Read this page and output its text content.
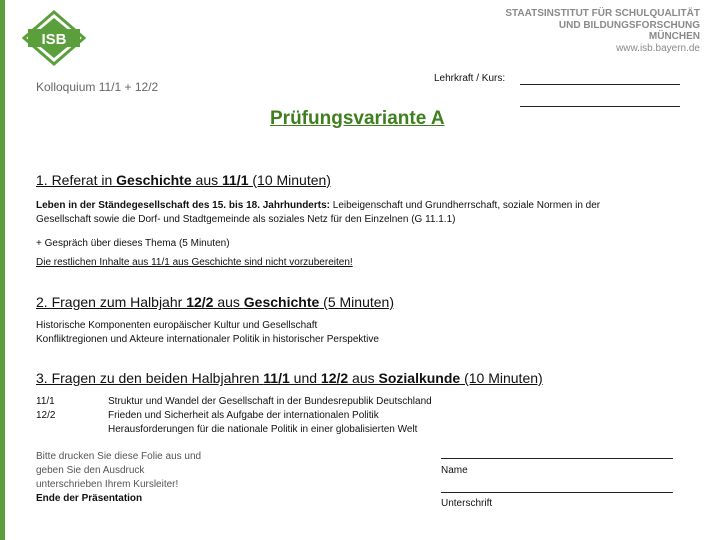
ISB
STAATSINSTITUT FÜR SCHULQUALITÄT
UND BILDUNGSFORSCHUNG
MÜNCHEN
www.isb.bayern.de
Kolloquium 11/1 + 12/2
Lehrkraft / Kurs:
Prüfungsvariante A
1. Referat in Geschichte aus 11/1 (10 Minuten)
Leben in der Ständegesellschaft des 15. bis 18. Jahrhunderts: Leibeigenschaft und Grundherrschaft, soziale Normen in der
Gesellschaft sowie die Dorf- und Stadtgemeinde als soziales Netz für den Einzelnen (G 11.1.1)
+ Gespräch über dieses Thema (5 Minuten)
Die restlichen Inhalte aus 11/1 aus Geschichte sind nicht vorzubereiten!
2. Fragen zum Halbjahr 12/2 aus Geschichte (5 Minuten)
Historische Komponenten europäischer Kultur und Gesellschaft
Konfliktregionen und Akteure internationaler Politik in historischer Perspektive
3. Fragen zu den beiden Halbjahren 11/1 und 12/2 aus Sozialkunde (10 Minuten)
11/1
12/2
Struktur und Wandel der Gesellschaft in der Bundesrepublik Deutschland
Frieden und Sicherheit als Aufgabe der internationalen Politik
Herausforderungen für die nationale Politik in einer globalisierten Welt
Bitte drucken Sie diese Folie aus und
geben Sie den Ausdruck
unterschrieben Ihrem Kursleiter!
Ende der Präsentation
Name
Unterschrift
